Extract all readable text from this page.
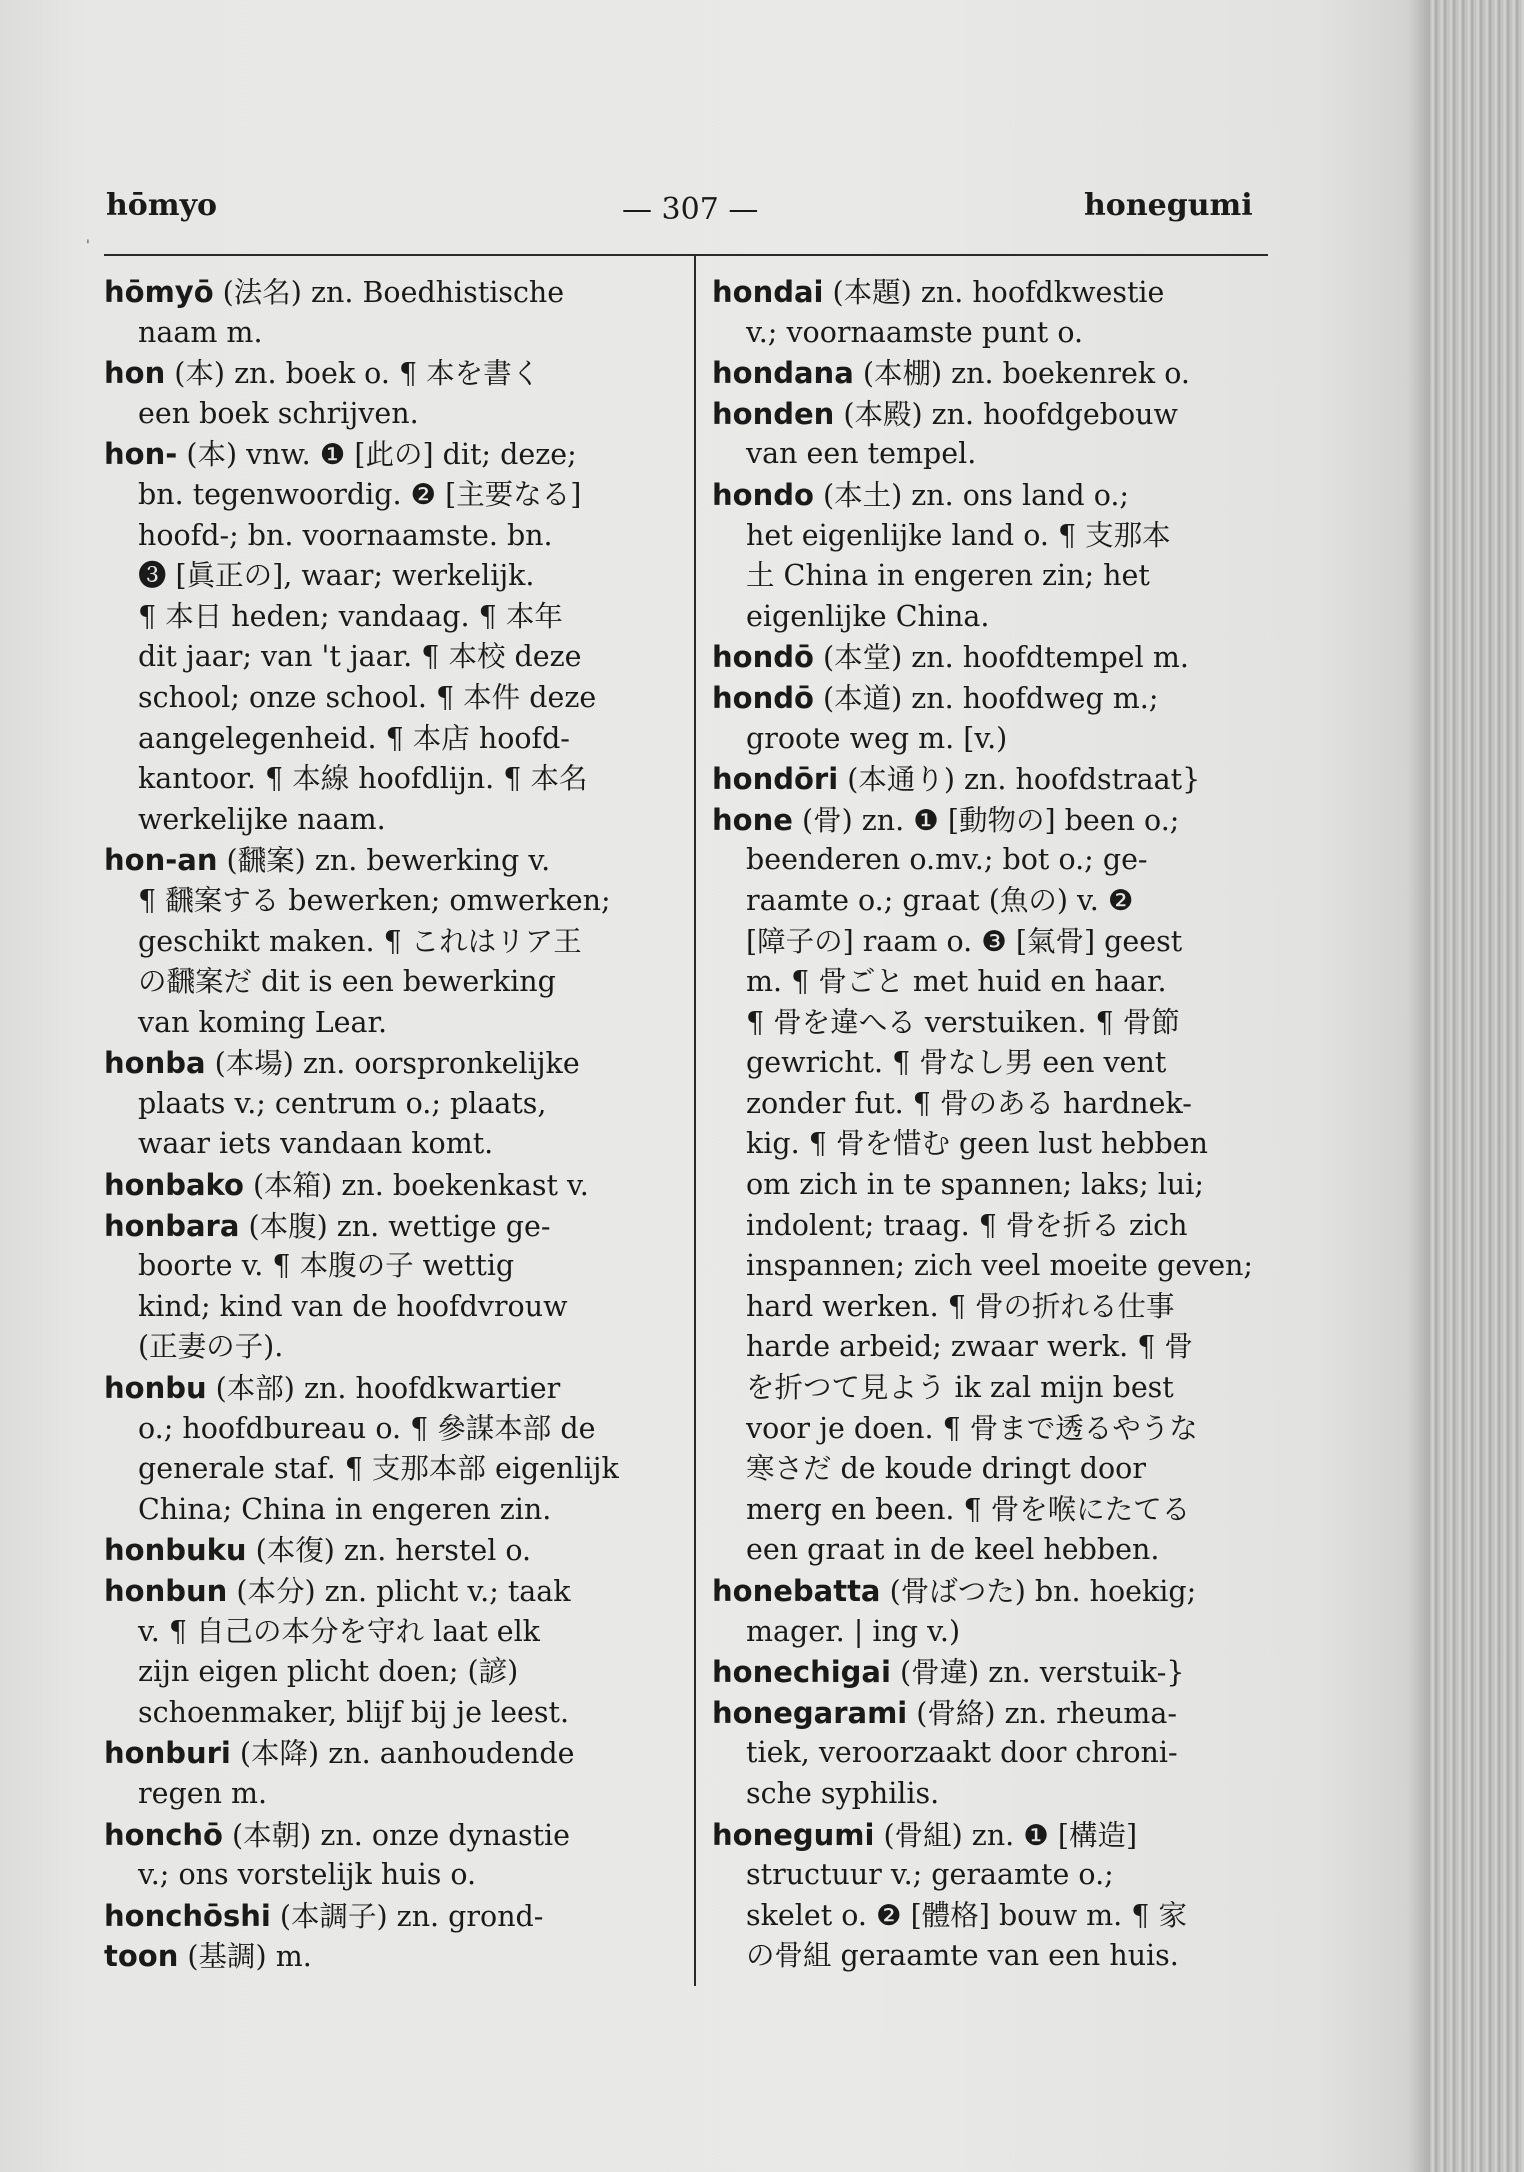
'
hōmyo	— 307 —	honegumi
hōmyō (法名) zn. Boedhistische
naam m.
hon (本) zn. boek o. ¶ 本を書く
een boek schrijven.
hon- (本) vnw. ❶ [此の] dit; deze;
bn. tegenwoordig. ❷ [主要なる]
hoofd-; bn. voornaamste. bn.
❸ [眞正の], waar; werkelijk.
¶ 本日 heden; vandaag. ¶ 本年
dit jaar; van 't jaar. ¶ 本校 deze
school; onze school. ¶ 本件 deze
aangelegenheid. ¶ 本店 hoofd-
kantoor. ¶ 本線 hoofdlijn. ¶ 本名
werkelijke naam.
hon-an (飜案) zn. bewerking v.
¶ 飜案する bewerken; omwerken;
geschikt maken. ¶ これはリア王
の飜案だ dit is een bewerking
van koming Lear.
honba (本場) zn. oorspronkelijke
plaats v.; centrum o.; plaats,
waar iets vandaan komt.
honbako (本箱) zn. boekenkast v.
honbara (本腹) zn. wettige ge-
boorte v. ¶ 本腹の子 wettig
kind; kind van de hoofdvrouw
(正妻の子).
honbu (本部) zn. hoofdkwartier
o.; hoofdbureau o. ¶ 參謀本部 de
generale staf. ¶ 支那本部 eigenlijk
China; China in engeren zin.
honbuku (本復) zn. herstel o.
honbun (本分) zn. plicht v.; taak
v. ¶ 自己の本分を守れ laat elk
zijn eigen plicht doen; (諺)
schoenmaker, blijf bij je leest.
honburi (本降) zn. aanhoudende
regen m.
honchō (本朝) zn. onze dynastie
v.; ons vorstelijk huis o.
honchōshi (本調子) zn. grond-
toon (基調) m.
hondai (本題) zn. hoofdkwestie
v.; voornaamste punt o.
hondana (本棚) zn. boekenrek o.
honden (本殿) zn. hoofdgebouw
van een tempel.
hondo (本土) zn. ons land o.;
het eigenlijke land o. ¶ 支那本
土 China in engeren zin; het
eigenlijke China.
hondō (本堂) zn. hoofdtempel m.
hondō (本道) zn. hoofdweg m.;
groote weg m. [v.)
hondōri (本通り) zn. hoofdstraat}
hone (骨) zn. ❶ [動物の] been o.;
beenderen o.mv.; bot o.; ge-
raamte o.; graat (魚の) v. ❷
[障子の] raam o. ❸ [氣骨] geest
m. ¶ 骨ごと met huid en haar.
¶ 骨を違へる verstuiken. ¶ 骨節
gewricht. ¶ 骨なし男 een vent
zonder fut. ¶ 骨のある hardnek-
kig. ¶ 骨を惜む geen lust hebben
om zich in te spannen; laks; lui;
indolent; traag. ¶ 骨を折る zich
inspannen; zich veel moeite geven;
hard werken. ¶ 骨の折れる仕事
harde arbeid; zwaar werk. ¶ 骨
を折つて見よう ik zal mijn best
voor je doen. ¶ 骨まで透るやうな
寒さだ de koude dringt door
merg en been. ¶ 骨を喉にたてる
een graat in de keel hebben.
honebatta (骨ばつた) bn. hoekig;
mager. | ing v.)
honechigai (骨違) zn. verstuik-}
honegarami (骨絡) zn. rheuma-
tiek, veroorzaakt door chroni-
sche syphilis.
honegumi (骨組) zn. ❶ [構造]
structuur v.; geraamte o.;
skelet o. ❷ [體格] bouw m. ¶ 家
の骨組 geraamte van een huis.
